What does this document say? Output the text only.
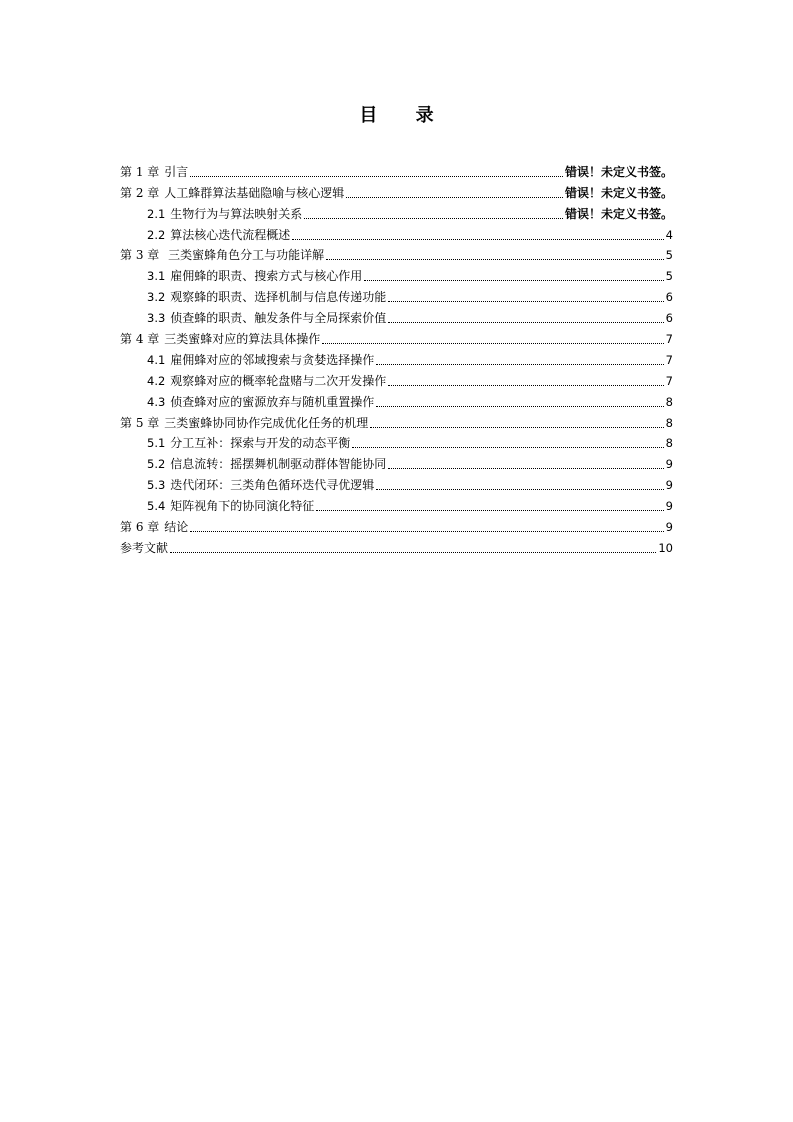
目 录
第 1 章 引言	错误！未定义书签。
第 2 章 人工蜂群算法基础隐喻与核心逻辑	错误！未定义书签。
2.1 生物行为与算法映射关系	错误！未定义书签。
2.2 算法核心迭代流程概述	4
第 3 章 三类蜜蜂角色分工与功能详解	5
3.1 雇佣蜂的职责、搜索方式与核心作用	5
3.2 观察蜂的职责、选择机制与信息传递功能	6
3.3 侦查蜂的职责、触发条件与全局探索价值	6
第 4 章 三类蜜蜂对应的算法具体操作	7
4.1 雇佣蜂对应的邻域搜索与贪婪选择操作	7
4.2 观察蜂对应的概率轮盘赌与二次开发操作	7
4.3 侦查蜂对应的蜜源放弃与随机重置操作	8
第 5 章 三类蜜蜂协同协作完成优化任务的机理	8
5.1 分工互补：探索与开发的动态平衡	8
5.2 信息流转：摇摆舞机制驱动群体智能协同	9
5.3 迭代闭环：三类角色循环迭代寻优逻辑	9
5.4 矩阵视角下的协同演化特征	9
第 6 章 结论	9
参考文献	10
